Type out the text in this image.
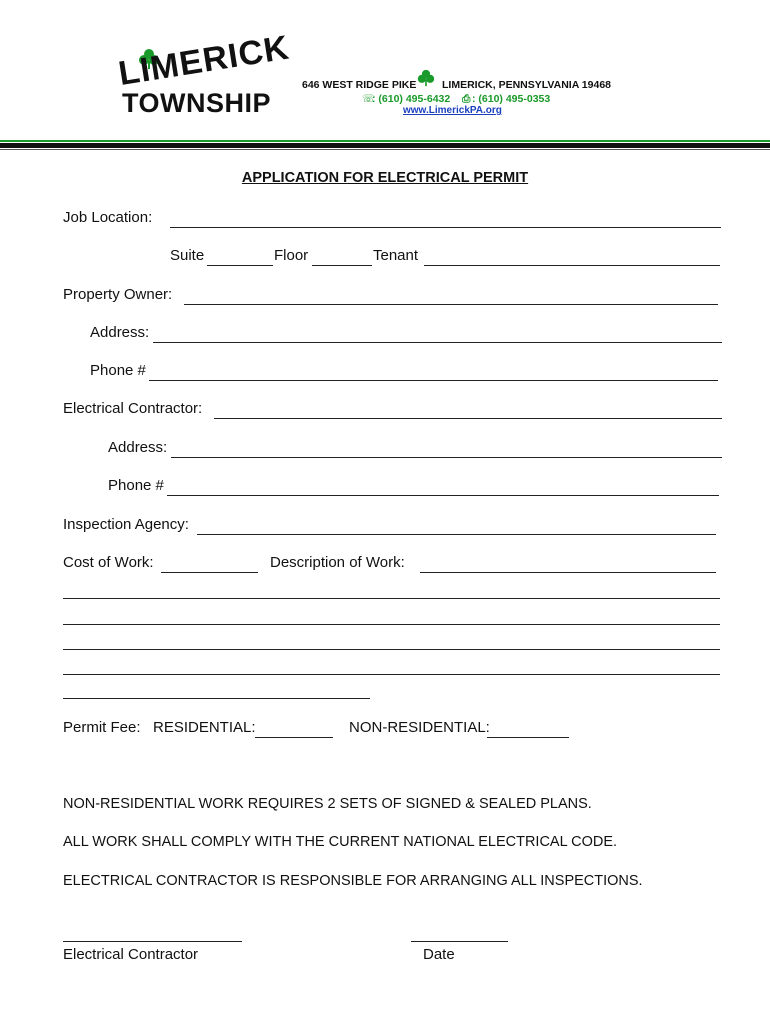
LIMERICK
TOWNSHIP
646 WEST RIDGE PIKE LIMERICK, PENNSYLVANIA 19468
☏
: (610) 495-6432 ⎙ : (610) 495-0353
www.LimerickPA.org
APPLICATION FOR ELECTRICAL PERMIT
Job Location:
Suite	Floor	Tenant
Property Owner:
Address:
Phone #
Electrical Contractor:
Address:
Phone #
Inspection Agency:
Cost of Work:	Description of Work:
Permit Fee: RESIDENTIAL:	NON-RESIDENTIAL:
NON-RESIDENTIAL WORK REQUIRES 2 SETS OF SIGNED & SEALED PLANS.
ALL WORK SHALL COMPLY WITH THE CURRENT NATIONAL ELECTRICAL CODE.
ELECTRICAL CONTRACTOR IS RESPONSIBLE FOR ARRANGING ALL INSPECTIONS.
Electrical Contractor	Date
